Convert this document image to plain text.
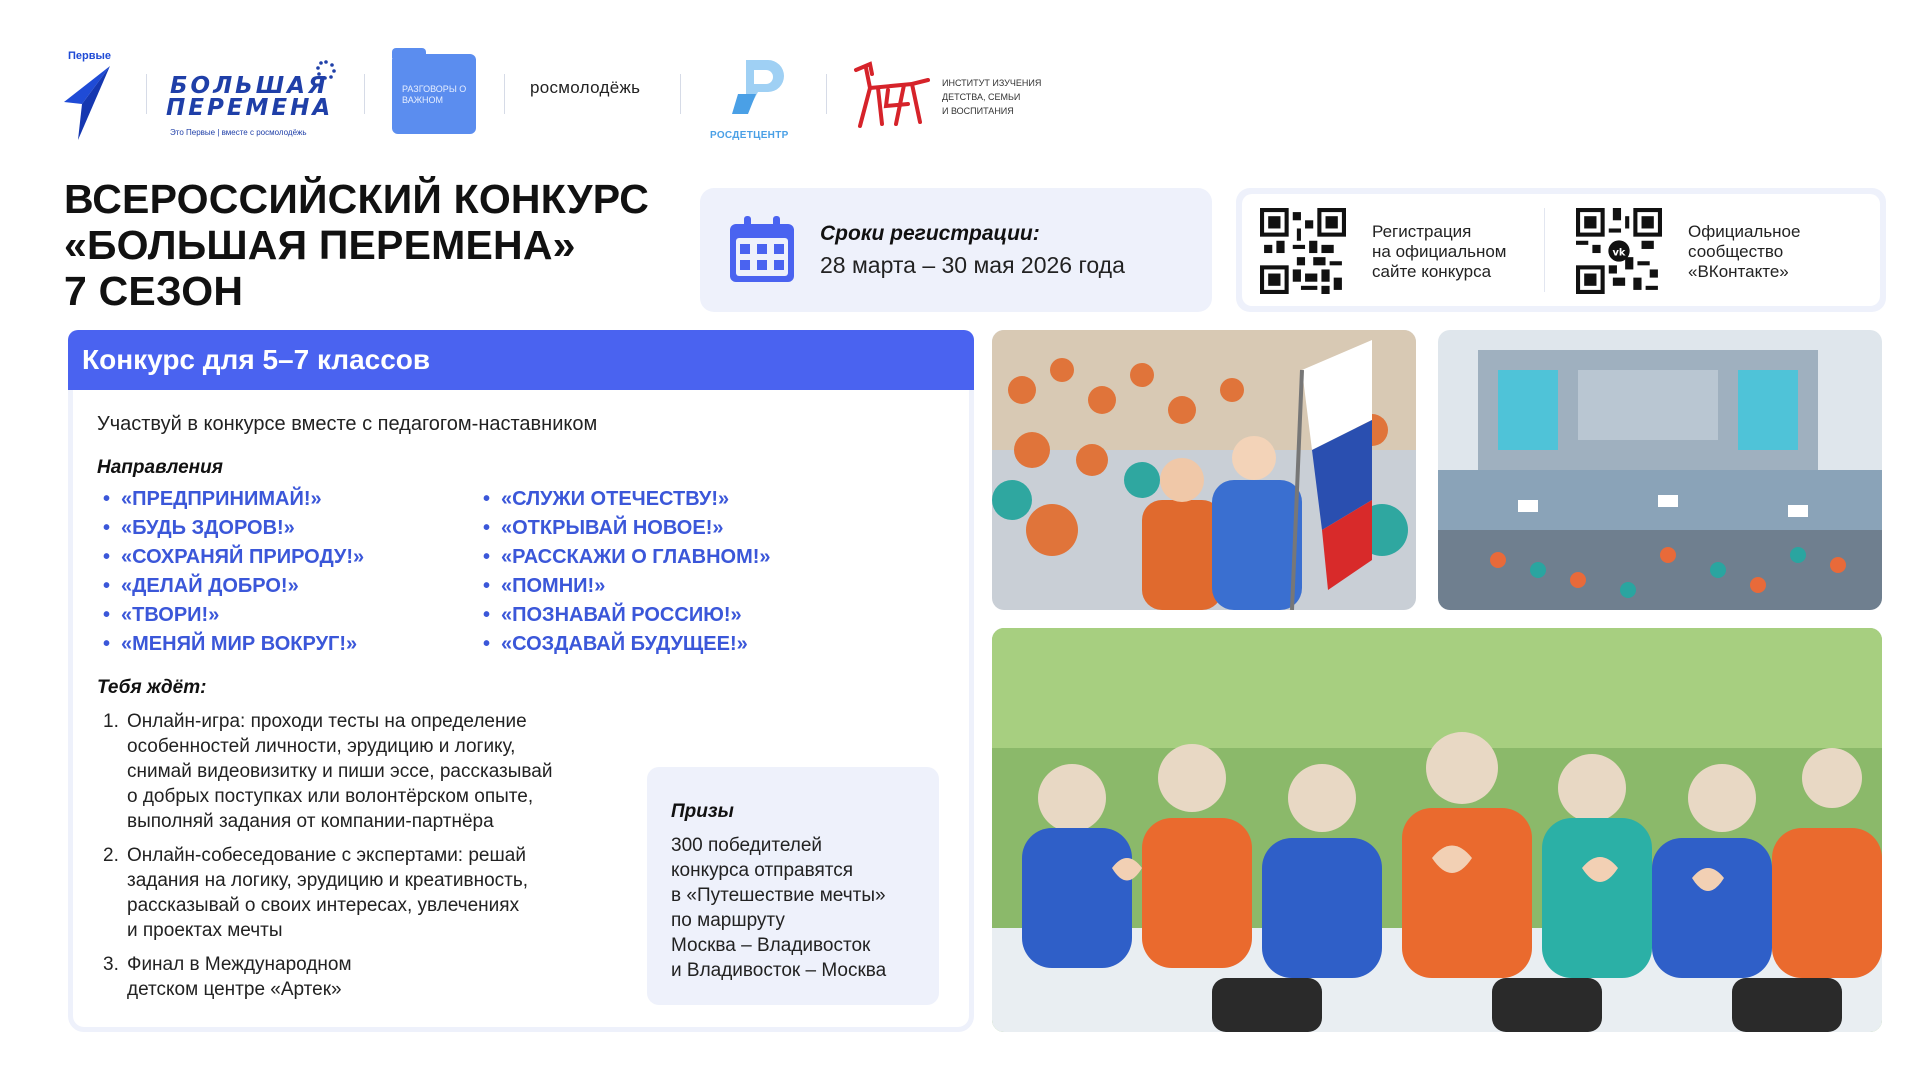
Первые
БОЛЬШАЯ
ПЕРЕМЕНА
Это Первые | вместе с росмолодёжь
РАЗГОВОРЫ О ВАЖНОМ
росмолодёжь
РОСДЕТЦЕНТР
ИНСТИТУТ ИЗУЧЕНИЯ
ДЕТСТВА, СЕМЬИ
И ВОСПИТАНИЯ
ВСЕРОССИЙСКИЙ КОНКУРС
«БОЛЬШАЯ ПЕРЕМЕНА»
7 СЕЗОН
Сроки регистрации:
28 марта – 30 мая 2026 года
Регистрация
на официальном
сайте конкурса
vk
Официальное
сообщество
«ВКонтакте»
Конкурс для 5–7 классов
Участвуй в конкурсе вместе с педагогом-наставником
Направления
• «ПРЕДПРИНИМАЙ!»
• «БУДЬ ЗДОРОВ!»
• «СОХРАНЯЙ ПРИРОДУ!»
• «ДЕЛАЙ ДОБРО!»
• «ТВОРИ!»
• «МЕНЯЙ МИР ВОКРУГ!»
• «СЛУЖИ ОТЕЧЕСТВУ!»
• «ОТКРЫВАЙ НОВОЕ!»
• «РАССКАЖИ О ГЛАВНОМ!»
• «ПОМНИ!»
• «ПОЗНАВАЙ РОССИЮ!»
• «СОЗДАВАЙ БУДУЩЕЕ!»
Тебя ждёт:
1. Онлайн-игра: проходи тесты на определение
особенностей личности, эрудицию и логику,
снимай видеовизитку и пиши эссе, рассказывай
о добрых поступках или волонтёрском опыте,
выполняй задания от компании-партнёра
2. Онлайн-собеседование с экспертами: решай
задания на логику, эрудицию и креативность,
рассказывай о своих интересах, увлечениях
и проектах мечты
3. Финал в Международном
детском центре «Артек»
Призы
300 победителей
конкурса отправятся
в «Путешествие мечты»
по маршруту
Москва – Владивосток
и Владивосток – Москва
